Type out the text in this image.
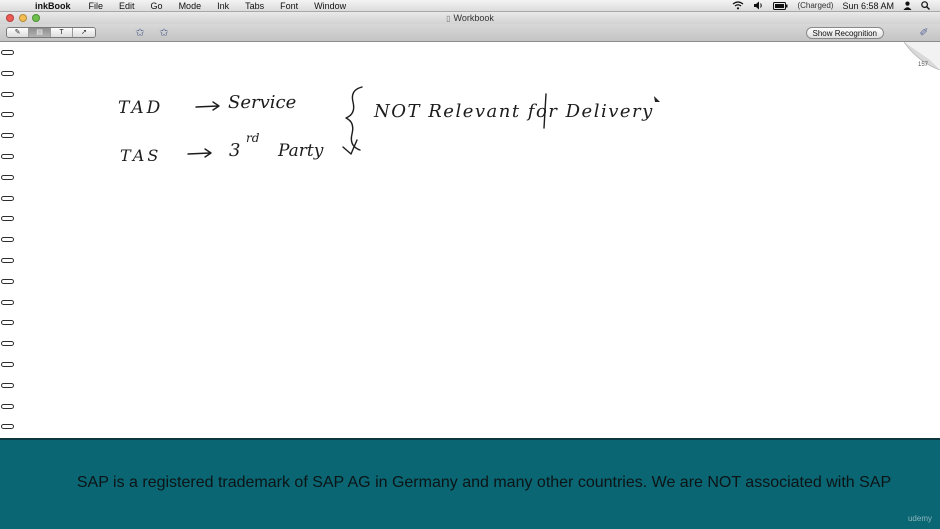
inkBook File Edit Go Mode Ink Tabs Font Window	(Charged) Sun 6:58 AM
▯ Workbook
✎	▤	T	➚	✩	✩	Show Recognition	✐
157
TAD	Service
TAS	3
rd
Party
NOT Relevant for Delivery
SAP is a registered trademark of SAP AG in Germany and many other countries. We are NOT associated with SAP
udemy
